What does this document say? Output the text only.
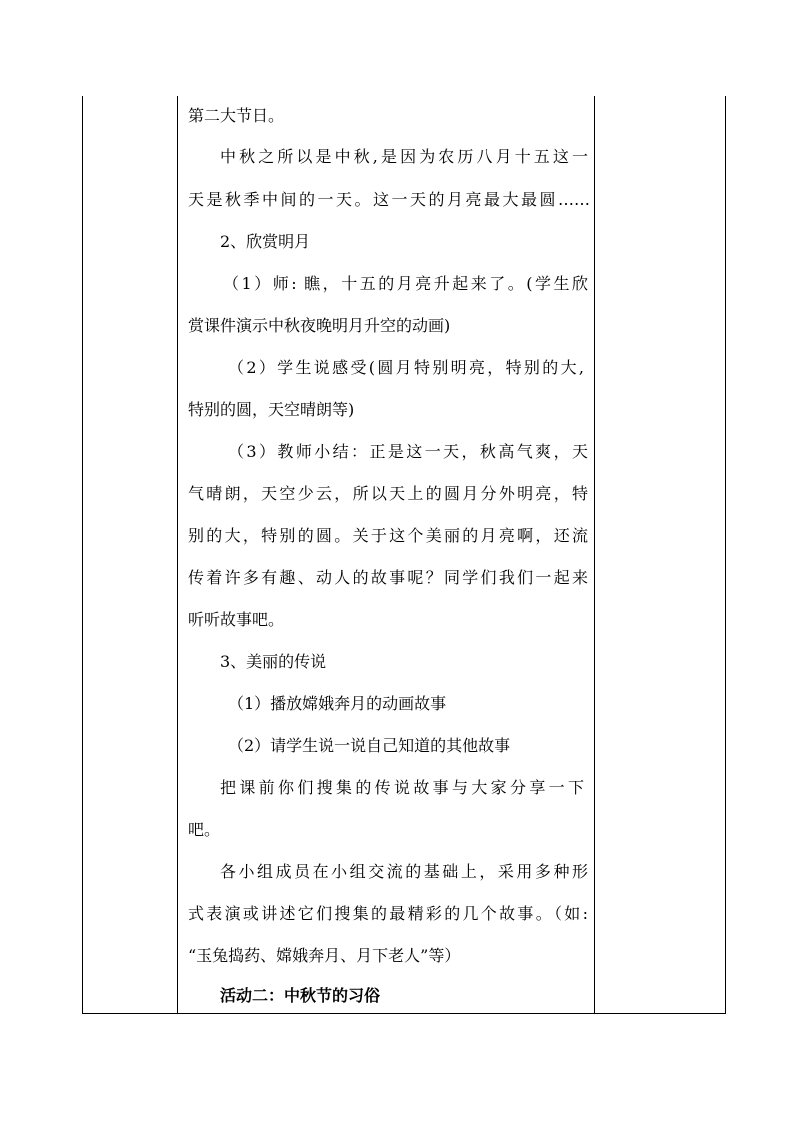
第二大节日。
中秋之所以是中秋,是因为农历八月十五这一
天是秋季中间的一天。这一天的月亮最大最圆……
2、欣赏明月
（1）师: 瞧，十五的月亮升起来了。(学生欣
赏课件演示中秋夜晚明月升空的动画)
（2）学生说感受(圆月特别明亮，特别的大,
特别的圆，天空晴朗等)
（3）教师小结：正是这一天，秋高气爽，天
气晴朗，天空少云，所以天上的圆月分外明亮，特
别的大，特别的圆。关于这个美丽的月亮啊，还流
传着许多有趣、动人的故事呢？同学们我们一起来
听听故事吧。
3、美丽的传说
（1）播放嫦娥奔月的动画故事
（2）请学生说一说自己知道的其他故事
把课前你们搜集的传说故事与大家分享一下
吧。
各小组成员在小组交流的基础上，采用多种形
式表演或讲述它们搜集的最精彩的几个故事。（如:
“玉兔捣药、嫦娥奔月、月下老人”等）
活动二：中秋节的习俗
